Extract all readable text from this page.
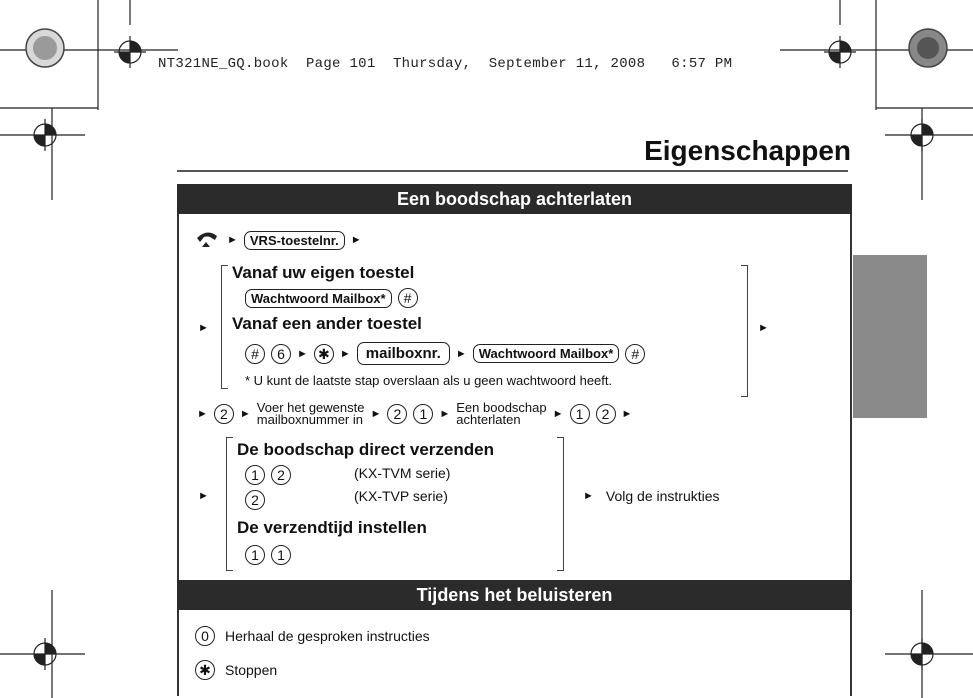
NT321NE_GQ.book Page 101 Thursday, September 11, 2008 6:57 PM
Eigenschappen
Een boodschap achterlaten
► VRS-toestelnr.	►
►	►
Vanaf uw eigen toestel
Wachtwoord Mailbox*	#
Vanaf een ander toestel
#	6	► ✱ ►	mailboxnr.	► Wachtwoord Mailbox*	#
* U kunt de laatste stap overslaan als u geen wachtwoord heeft.
► 2	► Voer het gewenste
mailboxnummer in ► 2	1	► Een boodschap
achterlaten	► 1	2	►
►
De boodschap direct verzenden
1	2	(KX-TVM serie)
2	(KX-TVP serie)	► Volg de instrukties
De verzendtijd instellen
1	1
Tijdens het beluisteren
0	Herhaal de gesproken instructies
✱ Stoppen
